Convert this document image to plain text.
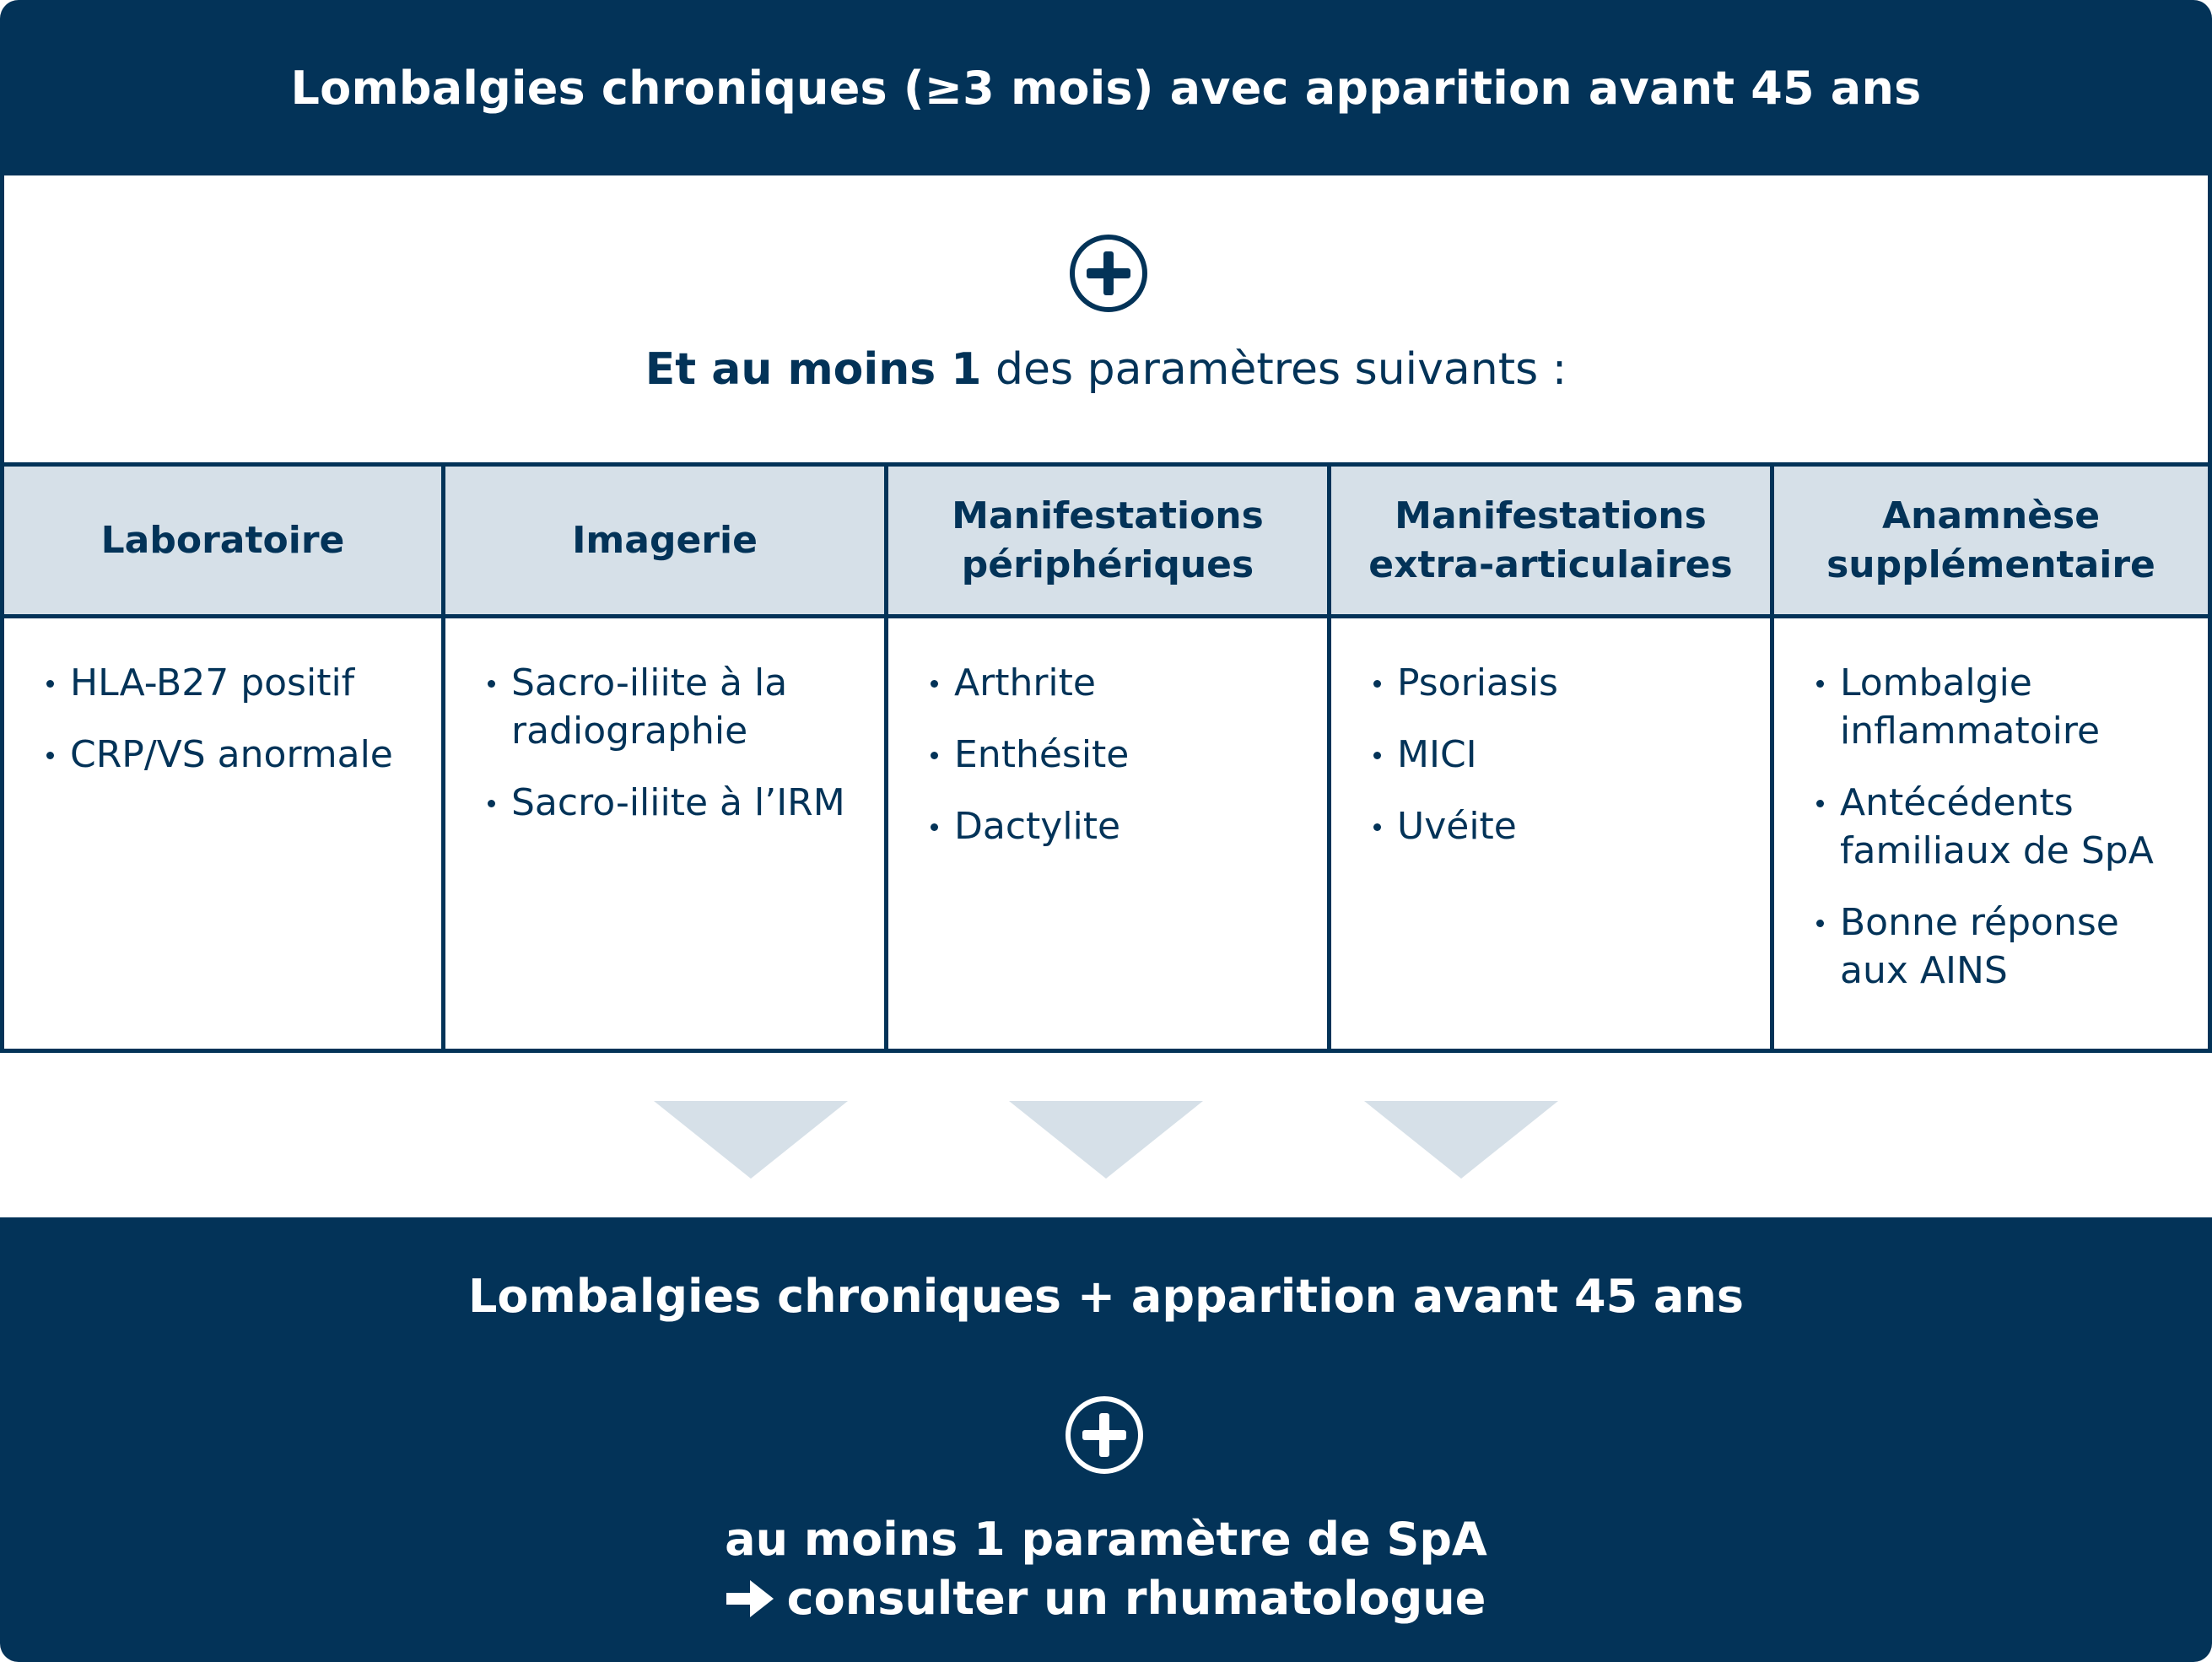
Lombalgies chroniques (≥3 mois) avec apparition avant 45 ans
Et au moins 1 des paramètres suivants :
Laboratoire
HLA-B27 positif
CRP/VS anormale
Imagerie
Sacro-iliite à la radiographie
Sacro-iliite à l’IRM
Manifestations périphériques
Arthrite
Enthésite
Dactylite
Manifestations extra-articulaires
Psoriasis
MICI
Uvéite
Anamnèse supplémentaire
Lombalgie inflammatoire
Antécédents familiaux de SpA
Bonne réponse aux AINS
Lombalgies chroniques + apparition avant 45 ans
au moins 1 paramètre de SpA
consulter un rhumatologue
